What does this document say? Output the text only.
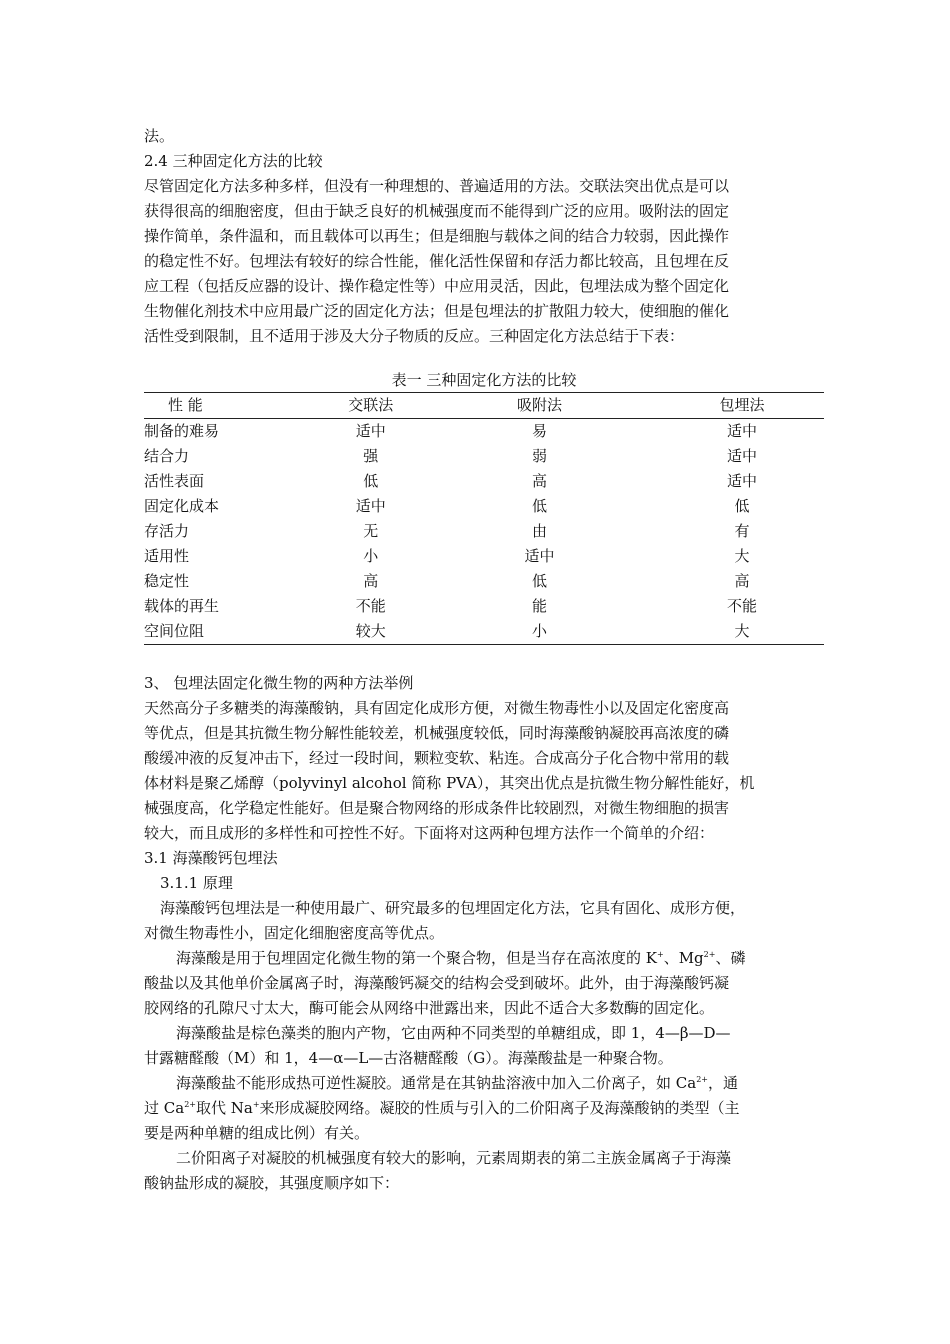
法。
2.4 三种固定化方法的比较
尽管固定化方法多种多样，但没有一种理想的、普遍适用的方法。交联法突出优点是可以
获得很高的细胞密度，但由于缺乏良好的机械强度而不能得到广泛的应用。吸附法的固定
操作简单，条件温和，而且载体可以再生；但是细胞与载体之间的结合力较弱，因此操作
的稳定性不好。包埋法有较好的综合性能，催化活性保留和存活力都比较高，且包埋在反
应工程（包括反应器的设计、操作稳定性等）中应用灵活，因此，包埋法成为整个固定化
生物催化剂技术中应用最广泛的固定化方法；但是包埋法的扩散阻力较大，使细胞的催化
活性受到限制，且不适用于涉及大分子物质的反应。三种固定化方法总结于下表：
表一 三种固定化方法的比较
性 能	交联法	吸附法	包埋法
制备的难易	适中	易	适中
结合力	强	弱	适中
活性表面	低	高	适中
固定化成本	适中	低	低
存活力	无	由	有
适用性	小	适中	大
稳定性	高	低	高
载体的再生	不能	能	不能
空间位阻	较大	小	大
3、 包埋法固定化微生物的两种方法举例
天然高分子多糖类的海藻酸钠，具有固定化成形方便，对微生物毒性小以及固定化密度高
等优点，但是其抗微生物分解性能较差，机械强度较低，同时海藻酸钠凝胶再高浓度的磷
酸缓冲液的反复冲击下，经过一段时间，颗粒变软、粘连。合成高分子化合物中常用的载
体材料是聚乙烯醇（polyvinyl alcohol 简称 PVA），其突出优点是抗微生物分解性能好，机
械强度高，化学稳定性能好。但是聚合物网络的形成条件比较剧烈，对微生物细胞的损害
较大，而且成形的多样性和可控性不好。下面将对这两种包埋方法作一个简单的介绍：
3.1 海藻酸钙包埋法
3.1.1 原理
海藻酸钙包埋法是一种使用最广、研究最多的包埋固定化方法，它具有固化、成形方便，
对微生物毒性小，固定化细胞密度高等优点。
海藻酸是用于包埋固定化微生物的第一个聚合物，但是当存在高浓度的 K+、$Mg^{2+}$、磷
酸盐以及其他单价金属离子时，海藻酸钙凝交的结构会受到破坏。此外，由于海藻酸钙凝
胶网络的孔隙尺寸太大，酶可能会从网络中泄露出来，因此不适合大多数酶的固定化。
海藻酸盐是棕色藻类的胞内产物，它由两种不同类型的单糖组成，即 1，4—β—D—
甘露糖醛酸（M）和 1，4—α—L—古洛糖醛酸（G）。海藻酸盐是一种聚合物。
海藻酸盐不能形成热可逆性凝胶。通常是在其钠盐溶液中加入二价离子，如 $Ca^{2+}$，通
过 $Ca^{2+}$取代 Na+来形成凝胶网络。凝胶的性质与引入的二价阳离子及海藻酸钠的类型（主
要是两种单糖的组成比例）有关。
二价阳离子对凝胶的机械强度有较大的影响，元素周期表的第二主族金属离子于海藻
酸钠盐形成的凝胶，其强度顺序如下：
